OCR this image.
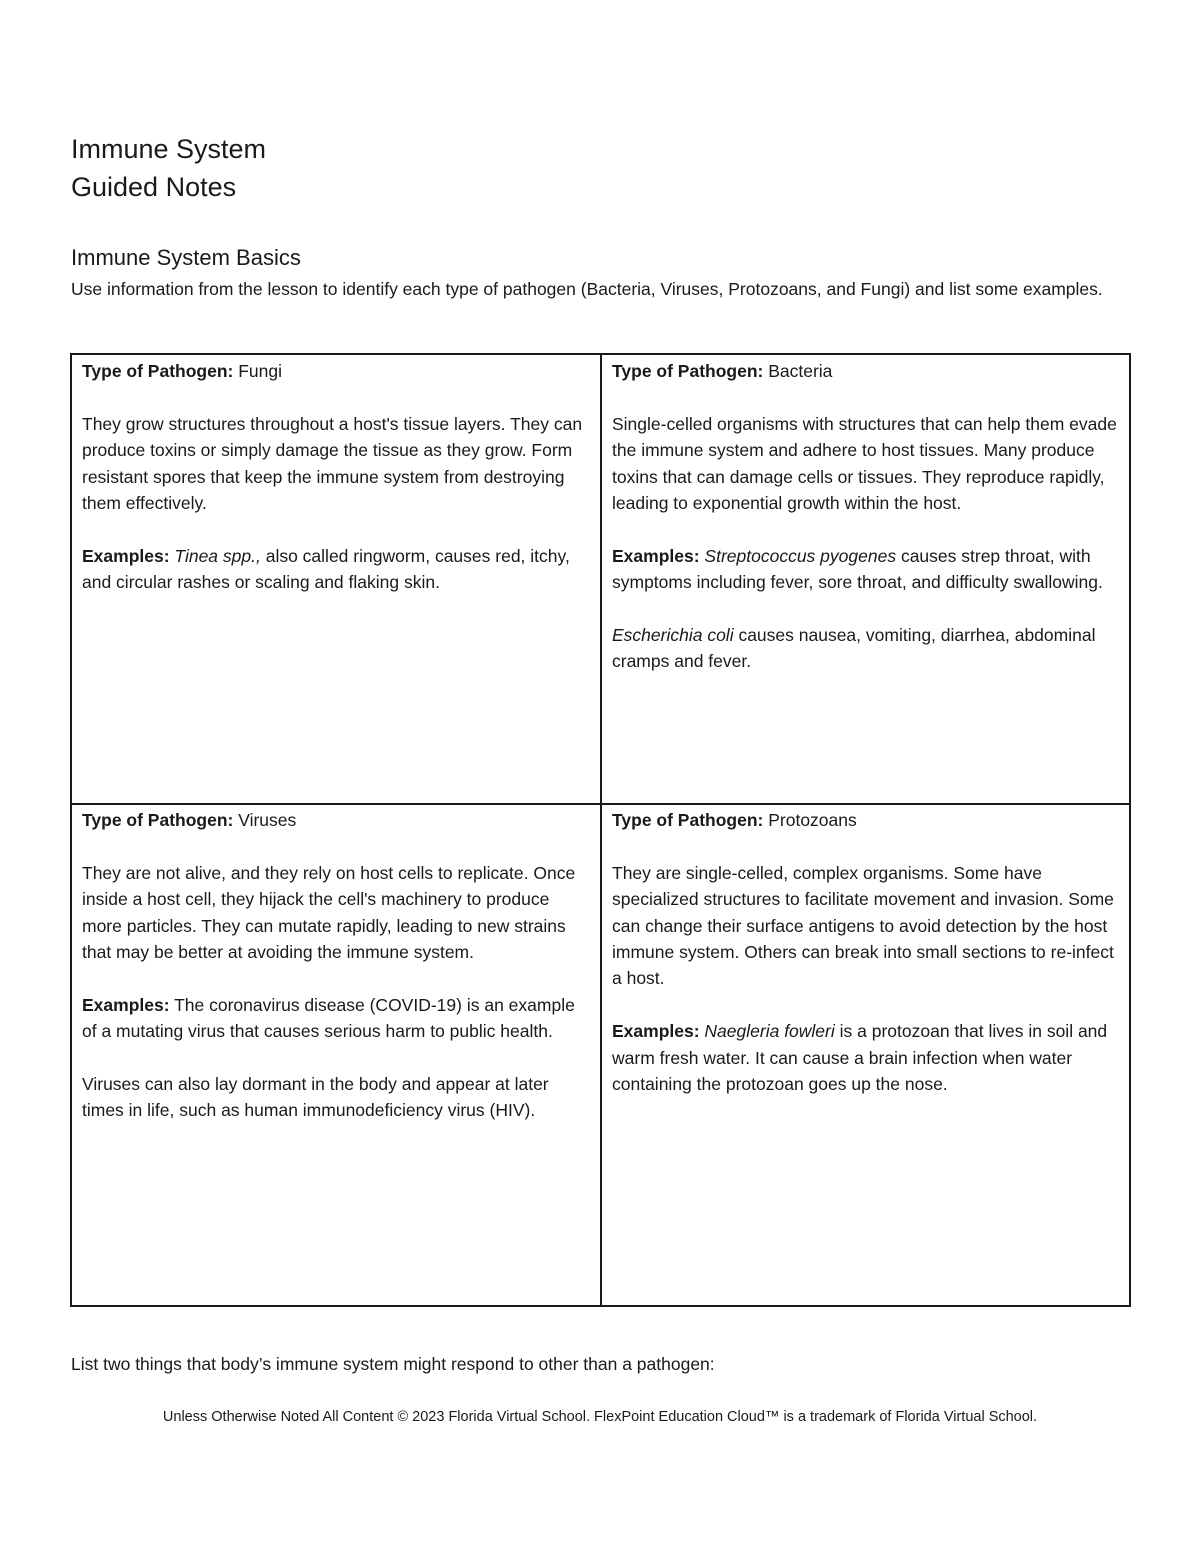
Immune System
Guided Notes
Immune System Basics

Use information from the lesson to identify each type of pathogen (Bacteria, Viruses, Protozoans, and Fungi) and list some examples.

Type of Pathogen: Fungi

They grow structures throughout a host's tissue layers. They can produce toxins or simply damage the tissue as they grow. Form resistant spores that keep the immune system from destroying them effectively.

Examples: Tinea spp., also called ringworm, causes red, itchy, and circular rashes or scaling and flaking skin.

Type of Pathogen: Bacteria

Single-celled organisms with structures that can help them evade the immune system and adhere to host tissues. Many produce toxins that can damage cells or tissues. They reproduce rapidly, leading to exponential growth within the host.

Examples: Streptococcus pyogenes causes strep throat, with symptoms including fever, sore throat, and difficulty swallowing.

Escherichia coli causes nausea, vomiting, diarrhea, abdominal cramps and fever.

Type of Pathogen: Viruses

They are not alive, and they rely on host cells to replicate. Once inside a host cell, they hijack the cell's machinery to produce more particles. They can mutate rapidly, leading to new strains that may be better at avoiding the immune system.

Examples: The coronavirus disease (COVID-19) is an example of a mutating virus that causes serious harm to public health.

Viruses can also lay dormant in the body and appear at later times in life, such as human immunodeficiency virus (HIV).

Type of Pathogen: Protozoans

They are single-celled, complex organisms. Some have specialized structures to facilitate movement and invasion. Some can change their surface antigens to avoid detection by the host immune system. Others can break into small sections to re-infect a host.

Examples: Naegleria fowleri is a protozoan that lives in soil and warm fresh water. It can cause a brain infection when water containing the protozoan goes up the nose.

List two things that body’s immune system might respond to other than a pathogen:

Unless Otherwise Noted All Content © 2023 Florida Virtual School. FlexPoint Education Cloud™ is a trademark of Florida Virtual School.
